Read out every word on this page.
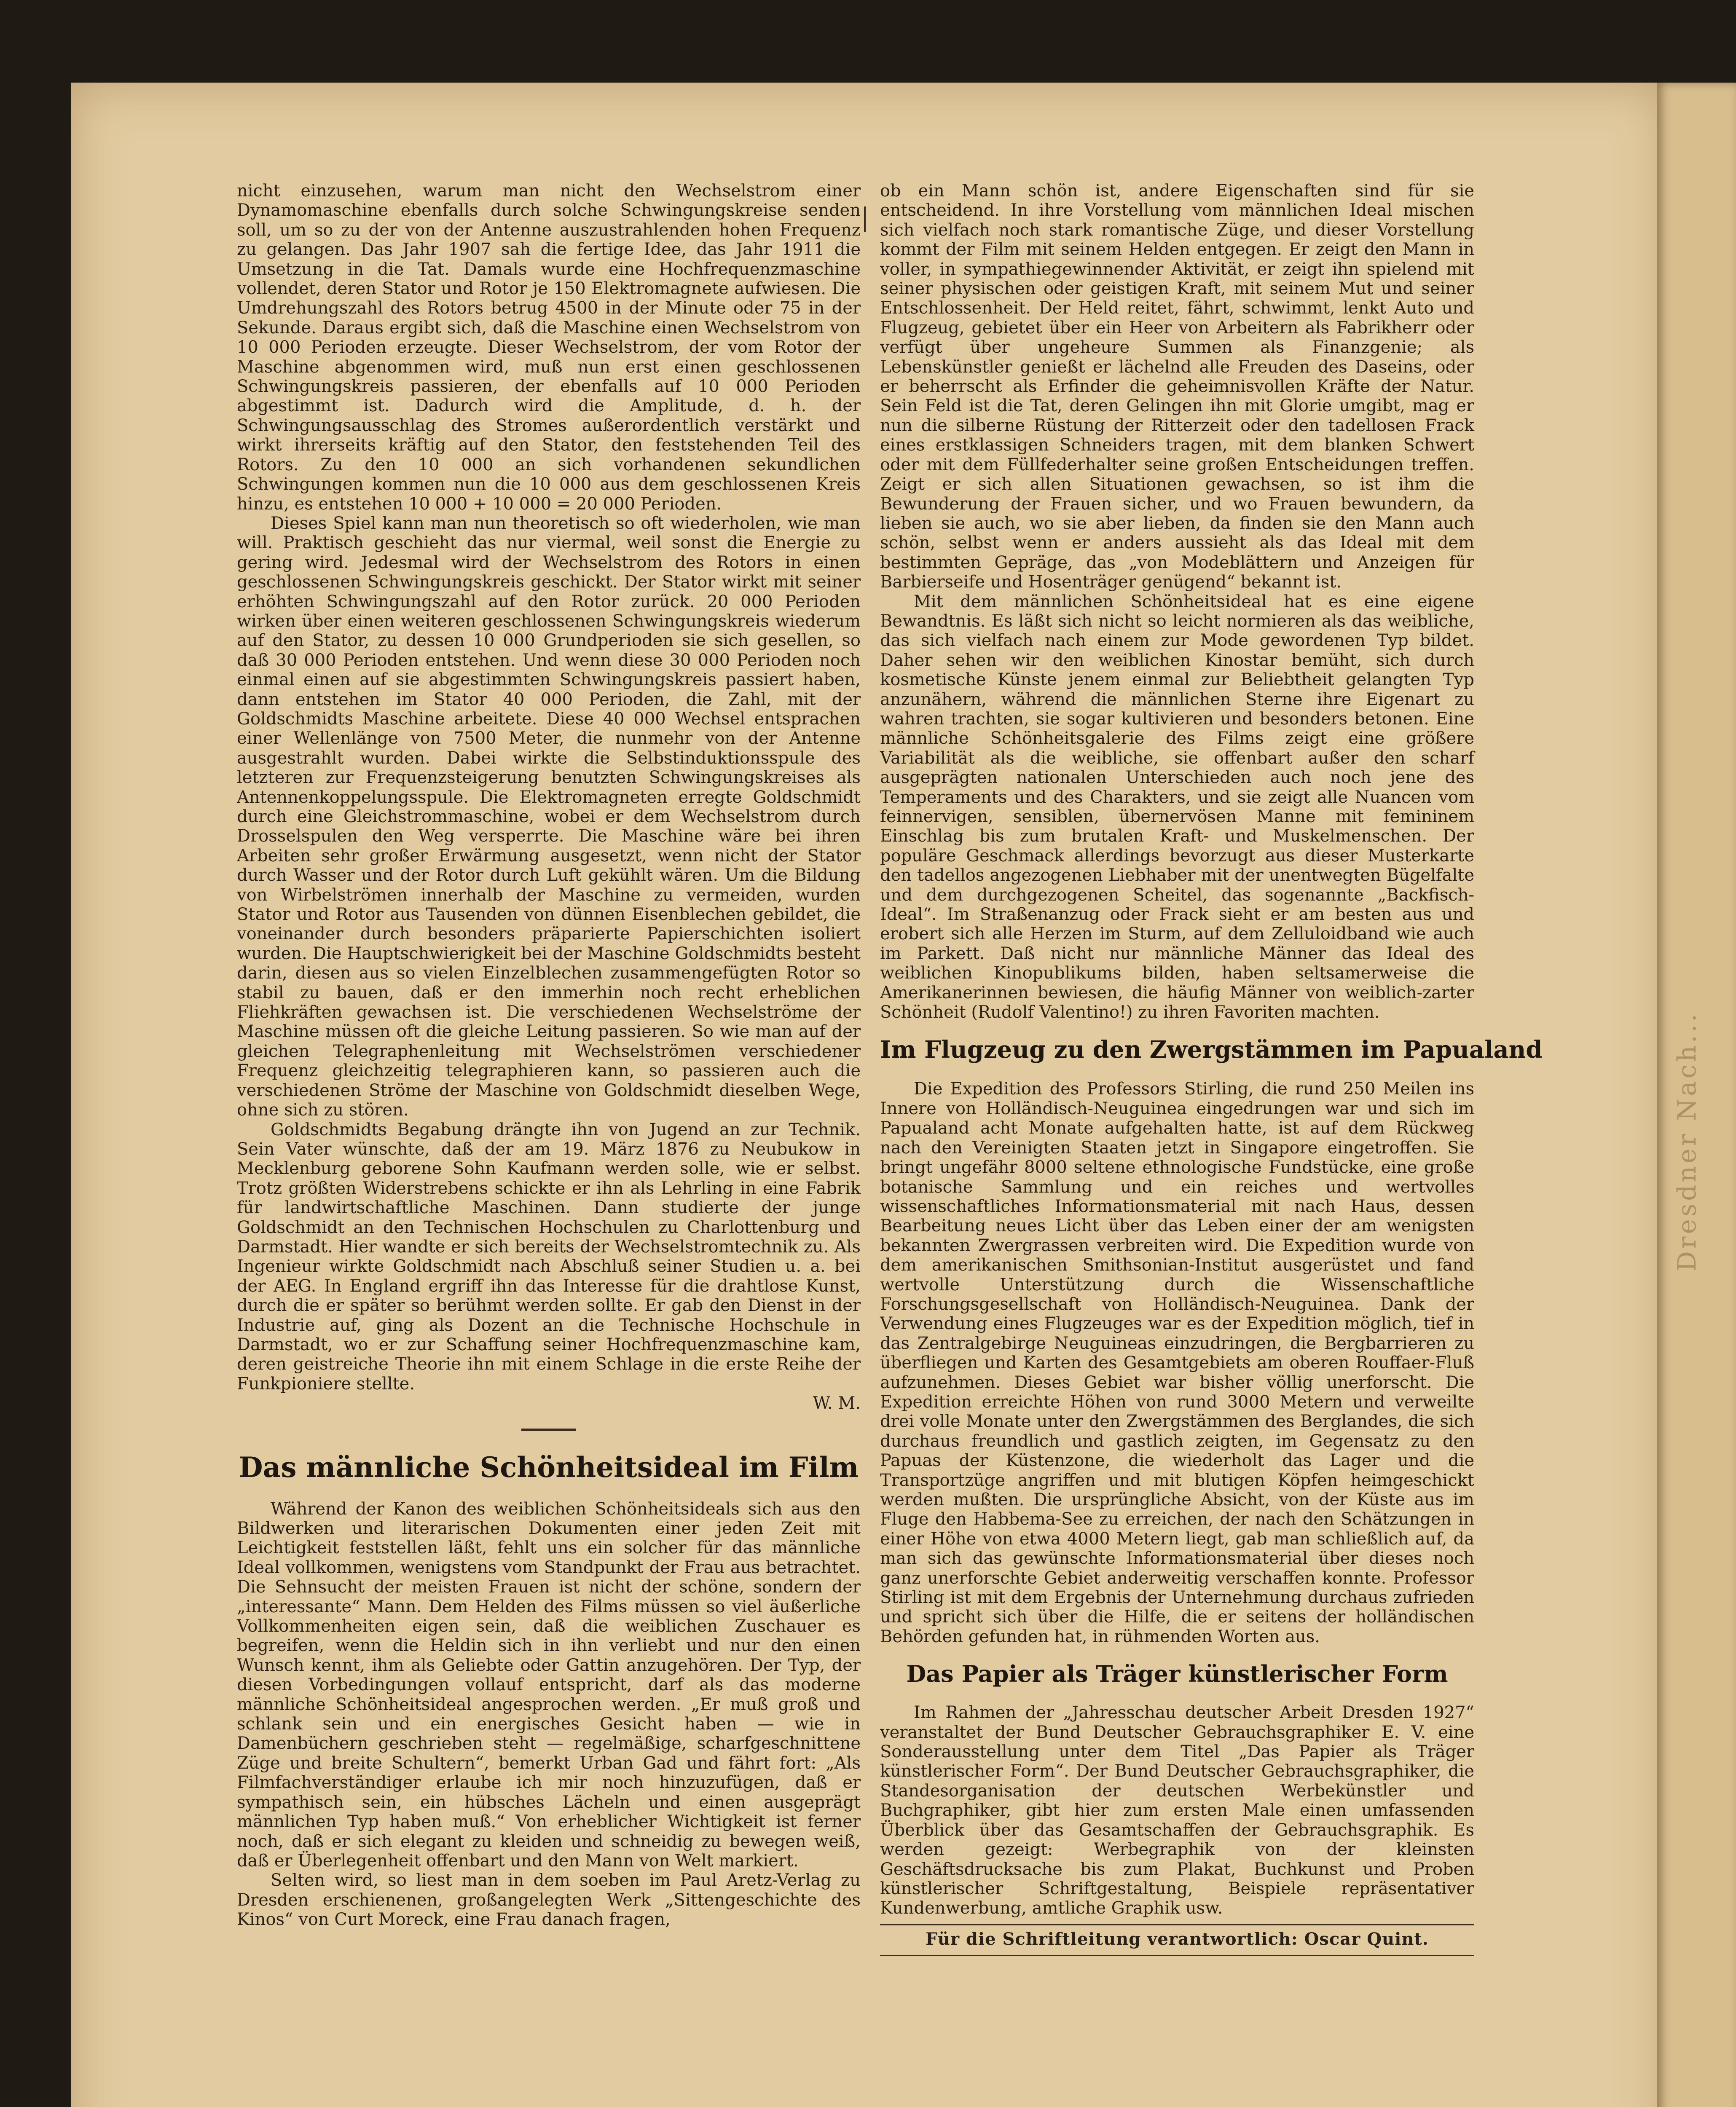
Dresdner Nach...

nicht einzusehen, warum man nicht den Wechselstrom einer Dynamomaschine ebenfalls durch solche Schwingungskreise senden soll, um so zu der von der Antenne auszustrahlenden hohen Frequenz zu gelangen. Das Jahr 1907 sah die fertige Idee, das Jahr 1911 die Umsetzung in die Tat. Damals wurde eine Hochfrequenzmaschine vollendet, deren Stator und Rotor je 150 Elektromagnete aufwiesen. Die Umdrehungszahl des Rotors betrug 4500 in der Minute oder 75 in der Sekunde. Daraus ergibt sich, daß die Maschine einen Wechselstrom von 10 000 Perioden erzeugte. Dieser Wechselstrom, der vom Rotor der Maschine abgenommen wird, muß nun erst einen geschlossenen Schwingungskreis passieren, der ebenfalls auf 10 000 Perioden abgestimmt ist. Dadurch wird die Amplitude, d. h. der Schwingungsausschlag des Stromes außerordentlich verstärkt und wirkt ihrerseits kräftig auf den Stator, den feststehenden Teil des Rotors. Zu den 10 000 an sich vorhandenen sekundlichen Schwingungen kommen nun die 10 000 aus dem geschlossenen Kreis hinzu, es entstehen 10 000 + 10 000 = 20 000 Perioden.

Dieses Spiel kann man nun theoretisch so oft wiederholen, wie man will. Praktisch geschieht das nur viermal, weil sonst die Energie zu gering wird. Jedesmal wird der Wechselstrom des Rotors in einen geschlossenen Schwingungskreis geschickt. Der Stator wirkt mit seiner erhöhten Schwingungszahl auf den Rotor zurück. 20 000 Perioden wirken über einen weiteren geschlossenen Schwingungskreis wiederum auf den Stator, zu dessen 10 000 Grundperioden sie sich gesellen, so daß 30 000 Perioden entstehen. Und wenn diese 30 000 Perioden noch einmal einen auf sie abgestimmten Schwingungskreis passiert haben, dann entstehen im Stator 40 000 Perioden, die Zahl, mit der Goldschmidts Maschine arbeitete. Diese 40 000 Wechsel entsprachen einer Wellenlänge von 7500 Meter, die nunmehr von der Antenne ausgestrahlt wurden. Dabei wirkte die Selbstinduktionsspule des letzteren zur Frequenzsteigerung benutzten Schwingungskreises als Antennenkoppelungsspule. Die Elektromagneten erregte Goldschmidt durch eine Gleichstrommaschine, wobei er dem Wechselstrom durch Drosselspulen den Weg versperrte. Die Maschine wäre bei ihren Arbeiten sehr großer Erwärmung ausgesetzt, wenn nicht der Stator durch Wasser und der Rotor durch Luft gekühlt wären. Um die Bildung von Wirbelströmen innerhalb der Maschine zu vermeiden, wurden Stator und Rotor aus Tausenden von dünnen Eisenblechen gebildet, die voneinander durch besonders präparierte Papierschichten isoliert wurden. Die Hauptschwierigkeit bei der Maschine Goldschmidts besteht darin, diesen aus so vielen Einzelblechen zusammengefügten Rotor so stabil zu bauen, daß er den immerhin noch recht erheblichen Fliehkräften gewachsen ist. Die verschiedenen Wechselströme der Maschine müssen oft die gleiche Leitung passieren. So wie man auf der gleichen Telegraphenleitung mit Wechselströmen verschiedener Frequenz gleichzeitig telegraphieren kann, so passieren auch die verschiedenen Ströme der Maschine von Goldschmidt dieselben Wege, ohne sich zu stören.

Goldschmidts Begabung drängte ihn von Jugend an zur Technik. Sein Vater wünschte, daß der am 19. März 1876 zu Neubukow in Mecklenburg geborene Sohn Kaufmann werden solle, wie er selbst. Trotz größten Widerstrebens schickte er ihn als Lehrling in eine Fabrik für landwirtschaftliche Maschinen. Dann studierte der junge Goldschmidt an den Technischen Hochschulen zu Charlottenburg und Darmstadt. Hier wandte er sich bereits der Wechselstromtechnik zu. Als Ingenieur wirkte Goldschmidt nach Abschluß seiner Studien u. a. bei der AEG. In England ergriff ihn das Interesse für die drahtlose Kunst, durch die er später so berühmt werden sollte. Er gab den Dienst in der Industrie auf, ging als Dozent an die Technische Hochschule in Darmstadt, wo er zur Schaffung seiner Hochfrequenzmaschine kam, deren geistreiche Theorie ihn mit einem Schlage in die erste Reihe der Funkpioniere stellte.

W. M.

Das männliche Schönheitsideal im Film

Während der Kanon des weiblichen Schönheitsideals sich aus den Bildwerken und literarischen Dokumenten einer jeden Zeit mit Leichtigkeit feststellen läßt, fehlt uns ein solcher für das männliche Ideal vollkommen, wenigstens vom Standpunkt der Frau aus betrachtet. Die Sehnsucht der meisten Frauen ist nicht der schöne, sondern der „interessante“ Mann. Dem Helden des Films müssen so viel äußerliche Vollkommenheiten eigen sein, daß die weiblichen Zuschauer es begreifen, wenn die Heldin sich in ihn verliebt und nur den einen Wunsch kennt, ihm als Geliebte oder Gattin anzugehören. Der Typ, der diesen Vorbedingungen vollauf entspricht, darf als das moderne männliche Schönheitsideal angesprochen werden. „Er muß groß und schlank sein und ein energisches Gesicht haben — wie in Damenbüchern geschrieben steht — regelmäßige, scharfgeschnittene Züge und breite Schultern“, bemerkt Urban Gad und fährt fort: „Als Filmfachverständiger erlaube ich mir noch hinzuzufügen, daß er sympathisch sein, ein hübsches Lächeln und einen ausgeprägt männlichen Typ haben muß.“ Von erheblicher Wichtigkeit ist ferner noch, daß er sich elegant zu kleiden und schneidig zu bewegen weiß, daß er Überlegenheit offenbart und den Mann von Welt markiert.

Selten wird, so liest man in dem soeben im Paul Aretz-Verlag zu Dresden erschienenen, großangelegten Werk „Sittengeschichte des Kinos“ von Curt Moreck, eine Frau danach fragen,

ob ein Mann schön ist, andere Eigenschaften sind für sie entscheidend. In ihre Vorstellung vom männlichen Ideal mischen sich vielfach noch stark romantische Züge, und dieser Vorstellung kommt der Film mit seinem Helden entgegen. Er zeigt den Mann in voller, in sympathiegewinnender Aktivität, er zeigt ihn spielend mit seiner physischen oder geistigen Kraft, mit seinem Mut und seiner Entschlossenheit. Der Held reitet, fährt, schwimmt, lenkt Auto und Flugzeug, gebietet über ein Heer von Arbeitern als Fabrikherr oder verfügt über ungeheure Summen als Finanzgenie; als Lebenskünstler genießt er lächelnd alle Freuden des Daseins, oder er beherrscht als Erfinder die geheimnisvollen Kräfte der Natur. Sein Feld ist die Tat, deren Gelingen ihn mit Glorie umgibt, mag er nun die silberne Rüstung der Ritterzeit oder den tadellosen Frack eines erstklassigen Schneiders tragen, mit dem blanken Schwert oder mit dem Füllfederhalter seine großen Entscheidungen treffen. Zeigt er sich allen Situationen gewachsen, so ist ihm die Bewunderung der Frauen sicher, und wo Frauen bewundern, da lieben sie auch, wo sie aber lieben, da finden sie den Mann auch schön, selbst wenn er anders aussieht als das Ideal mit dem bestimmten Gepräge, das „von Modeblättern und Anzeigen für Barbierseife und Hosenträger genügend“ bekannt ist.

Mit dem männlichen Schönheitsideal hat es eine eigene Bewandtnis. Es läßt sich nicht so leicht normieren als das weibliche, das sich vielfach nach einem zur Mode gewordenen Typ bildet. Daher sehen wir den weiblichen Kinostar bemüht, sich durch kosmetische Künste jenem einmal zur Beliebtheit gelangten Typ anzunähern, während die männlichen Sterne ihre Eigenart zu wahren trachten, sie sogar kultivieren und besonders betonen. Eine männliche Schönheitsgalerie des Films zeigt eine größere Variabilität als die weibliche, sie offenbart außer den scharf ausgeprägten nationalen Unterschieden auch noch jene des Temperaments und des Charakters, und sie zeigt alle Nuancen vom feinnervigen, sensiblen, übernervösen Manne mit femininem Einschlag bis zum brutalen Kraft- und Muskelmenschen. Der populäre Geschmack allerdings bevorzugt aus dieser Musterkarte den tadellos angezogenen Liebhaber mit der unentwegten Bügelfalte und dem durchgezogenen Scheitel, das sogenannte „Backfisch-Ideal“. Im Straßenanzug oder Frack sieht er am besten aus und erobert sich alle Herzen im Sturm, auf dem Zelluloidband wie auch im Parkett. Daß nicht nur männliche Männer das Ideal des weiblichen Kinopublikums bilden, haben seltsamerweise die Amerikanerinnen bewiesen, die häufig Männer von weiblich-zarter Schönheit (Rudolf Valentino!) zu ihren Favoriten machten.

Im Flugzeug zu den Zwergstämmen im Papualand

Die Expedition des Professors Stirling, die rund 250 Meilen ins Innere von Holländisch-Neuguinea eingedrungen war und sich im Papualand acht Monate aufgehalten hatte, ist auf dem Rückweg nach den Vereinigten Staaten jetzt in Singapore eingetroffen. Sie bringt ungefähr 8000 seltene ethnologische Fundstücke, eine große botanische Sammlung und ein reiches und wertvolles wissenschaftliches Informationsmaterial mit nach Haus, dessen Bearbeitung neues Licht über das Leben einer der am wenigsten bekannten Zwergrassen verbreiten wird. Die Expedition wurde von dem amerikanischen Smithsonian-Institut ausgerüstet und fand wertvolle Unterstützung durch die Wissenschaftliche Forschungsgesellschaft von Holländisch-Neuguinea. Dank der Verwendung eines Flugzeuges war es der Expedition möglich, tief in das Zentralgebirge Neuguineas einzudringen, die Bergbarrieren zu überfliegen und Karten des Gesamtgebiets am oberen Rouffaer-Fluß aufzunehmen. Dieses Gebiet war bisher völlig unerforscht. Die Expedition erreichte Höhen von rund 3000 Metern und verweilte drei volle Monate unter den Zwergstämmen des Berglandes, die sich durchaus freundlich und gastlich zeigten, im Gegensatz zu den Papuas der Küstenzone, die wiederholt das Lager und die Transportzüge angriffen und mit blutigen Köpfen heimgeschickt werden mußten. Die ursprüngliche Absicht, von der Küste aus im Fluge den Habbema-See zu erreichen, der nach den Schätzungen in einer Höhe von etwa 4000 Metern liegt, gab man schließlich auf, da man sich das gewünschte Informationsmaterial über dieses noch ganz unerforschte Gebiet anderweitig verschaffen konnte. Professor Stirling ist mit dem Ergebnis der Unternehmung durchaus zufrieden und spricht sich über die Hilfe, die er seitens der holländischen Behörden gefunden hat, in rühmenden Worten aus.

Das Papier als Träger künstlerischer Form

Im Rahmen der „Jahresschau deutscher Arbeit Dresden 1927“ veranstaltet der Bund Deutscher Gebrauchsgraphiker E. V. eine Sonderausstellung unter dem Titel „Das Papier als Träger künstlerischer Form“. Der Bund Deutscher Gebrauchsgraphiker, die Standesorganisation der deutschen Werbekünstler und Buchgraphiker, gibt hier zum ersten Male einen umfassenden Überblick über das Gesamtschaffen der Gebrauchsgraphik. Es werden gezeigt: Werbegraphik von der kleinsten Geschäftsdrucksache bis zum Plakat, Buchkunst und Proben künstlerischer Schriftgestaltung, Beispiele repräsentativer Kundenwerbung, amtliche Graphik usw.

Für die Schriftleitung verantwortlich: Oscar Quint.
